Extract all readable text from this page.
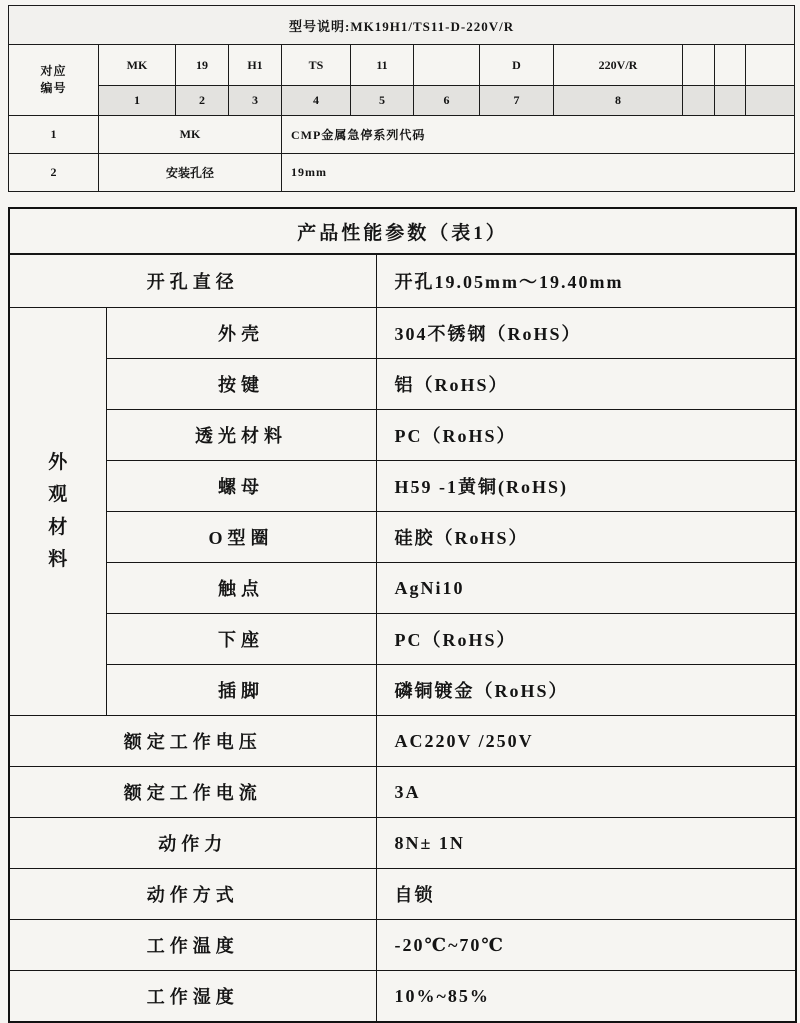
型号说明:MK19H1/TS11-D-220V/R											
对应编号	MK	19	H1	TS	11		D	220V/R			
	1	2	3	4	5	6	7	8			
1	MK			CMP金属急停系列代码							
2	安装孔径			19mm							
产品性能参数（表1）		
开孔直径		开孔19.05mm～19.40mm
外观材料	外壳	304不锈钢（RoHS）
	按键	铝（RoHS）
	透光材料	PC（RoHS）
	螺母	H59 -1黄铜(RoHS)
	O型圈	硅胶（RoHS）
	触点	AgNi10
	下座	PC（RoHS）
	插脚	磷铜镀金（RoHS）
额定工作电压		AC220V /250V
额定工作电流		3A
动作力		8N± 1N
动作方式		自锁
工作温度		-20℃~70℃
工作湿度		10%~85%
